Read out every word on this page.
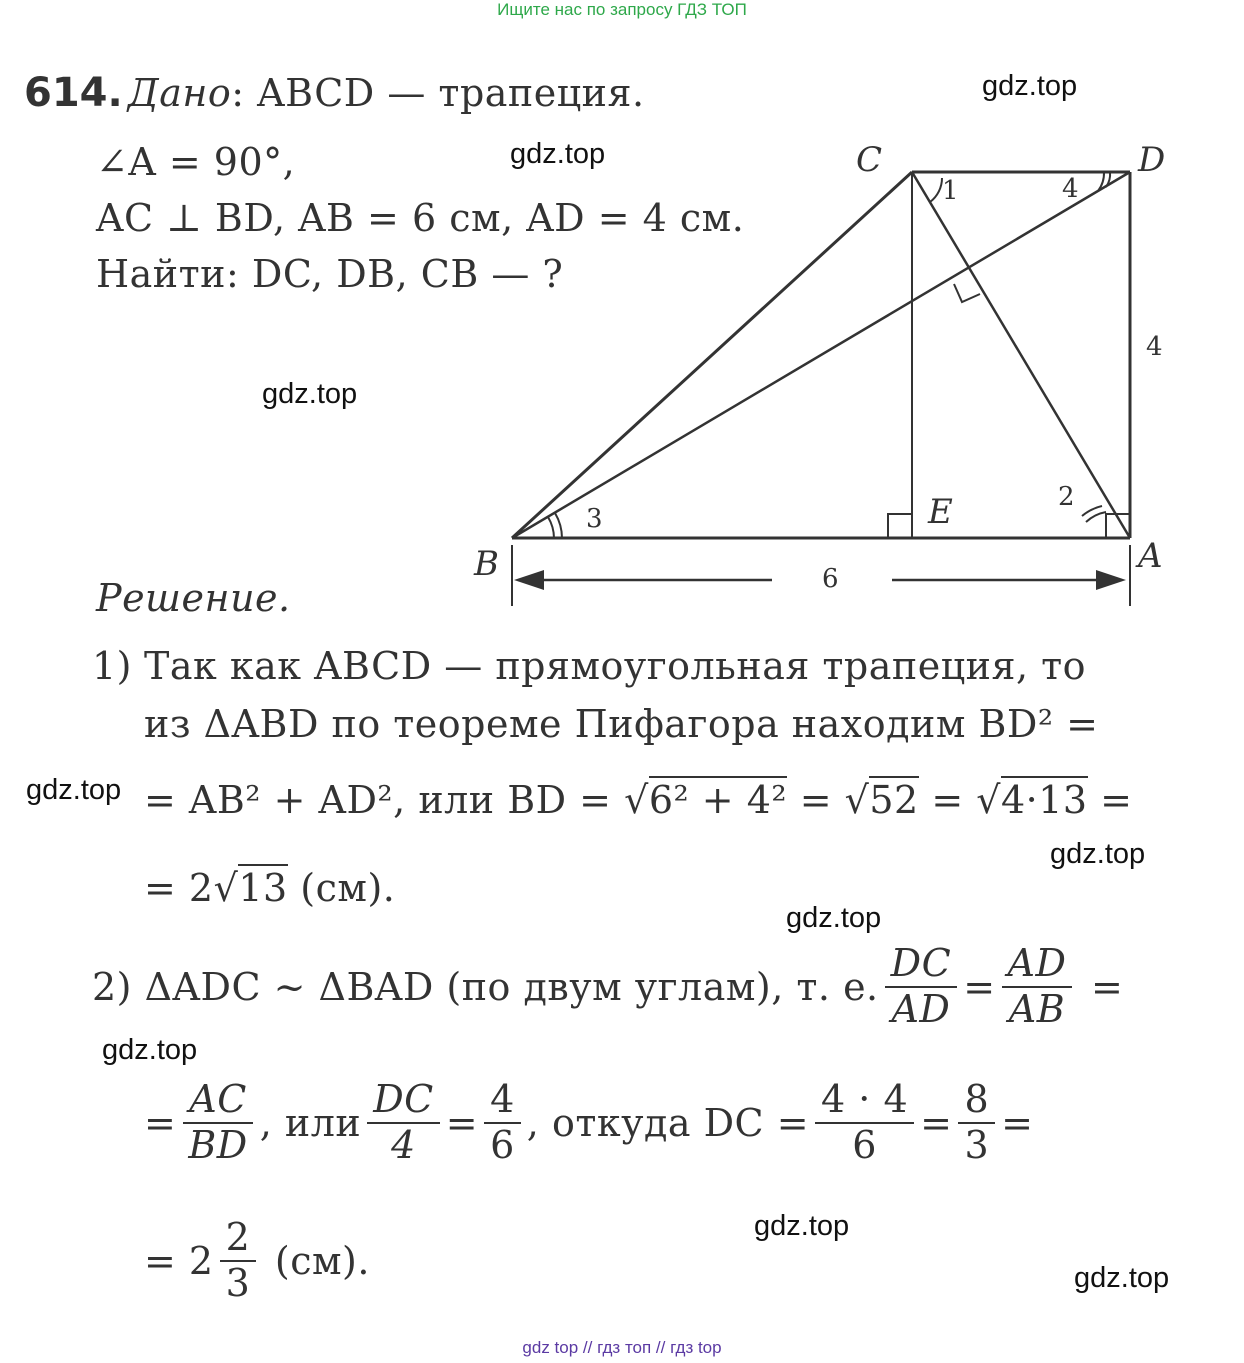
Ищите нас по запросу ГДЗ ТОП
gdz top // гдз топ // гдз top
gdz.top
gdz.top
gdz.top
gdz.top
gdz.top
gdz.top
gdz.top
gdz.top
gdz.top
614. Дано: ABCD — трапеция.
∠A = 90°,
AC ⊥ BD, AB = 6 см, AD = 4 см.
Найти: DC, DB, CB — ?
B	A
C	D
E
1	4
2
3
4
6
Решение.
1) Так как ABCD — прямоугольная трапеция, то
из ΔABD по теореме Пифагора находим BD² =
= AB² + AD², или BD = √6² + 4² = √52 = √4·13 =
= 2√13 (см).
2)
ΔADC ~ ΔBAD (по двум углам), т. е. $\frac{DC}{AD} = \frac{AD}{AB}$
=
= $\frac{AC}{BD}$ , или $\frac{DC}{4} = \frac{4}{6}$ , откуда DC = $\frac{4 \cdot 4}{6} = \frac{8}{3}$ =
= $2 \frac{2}{3}$
(см).
